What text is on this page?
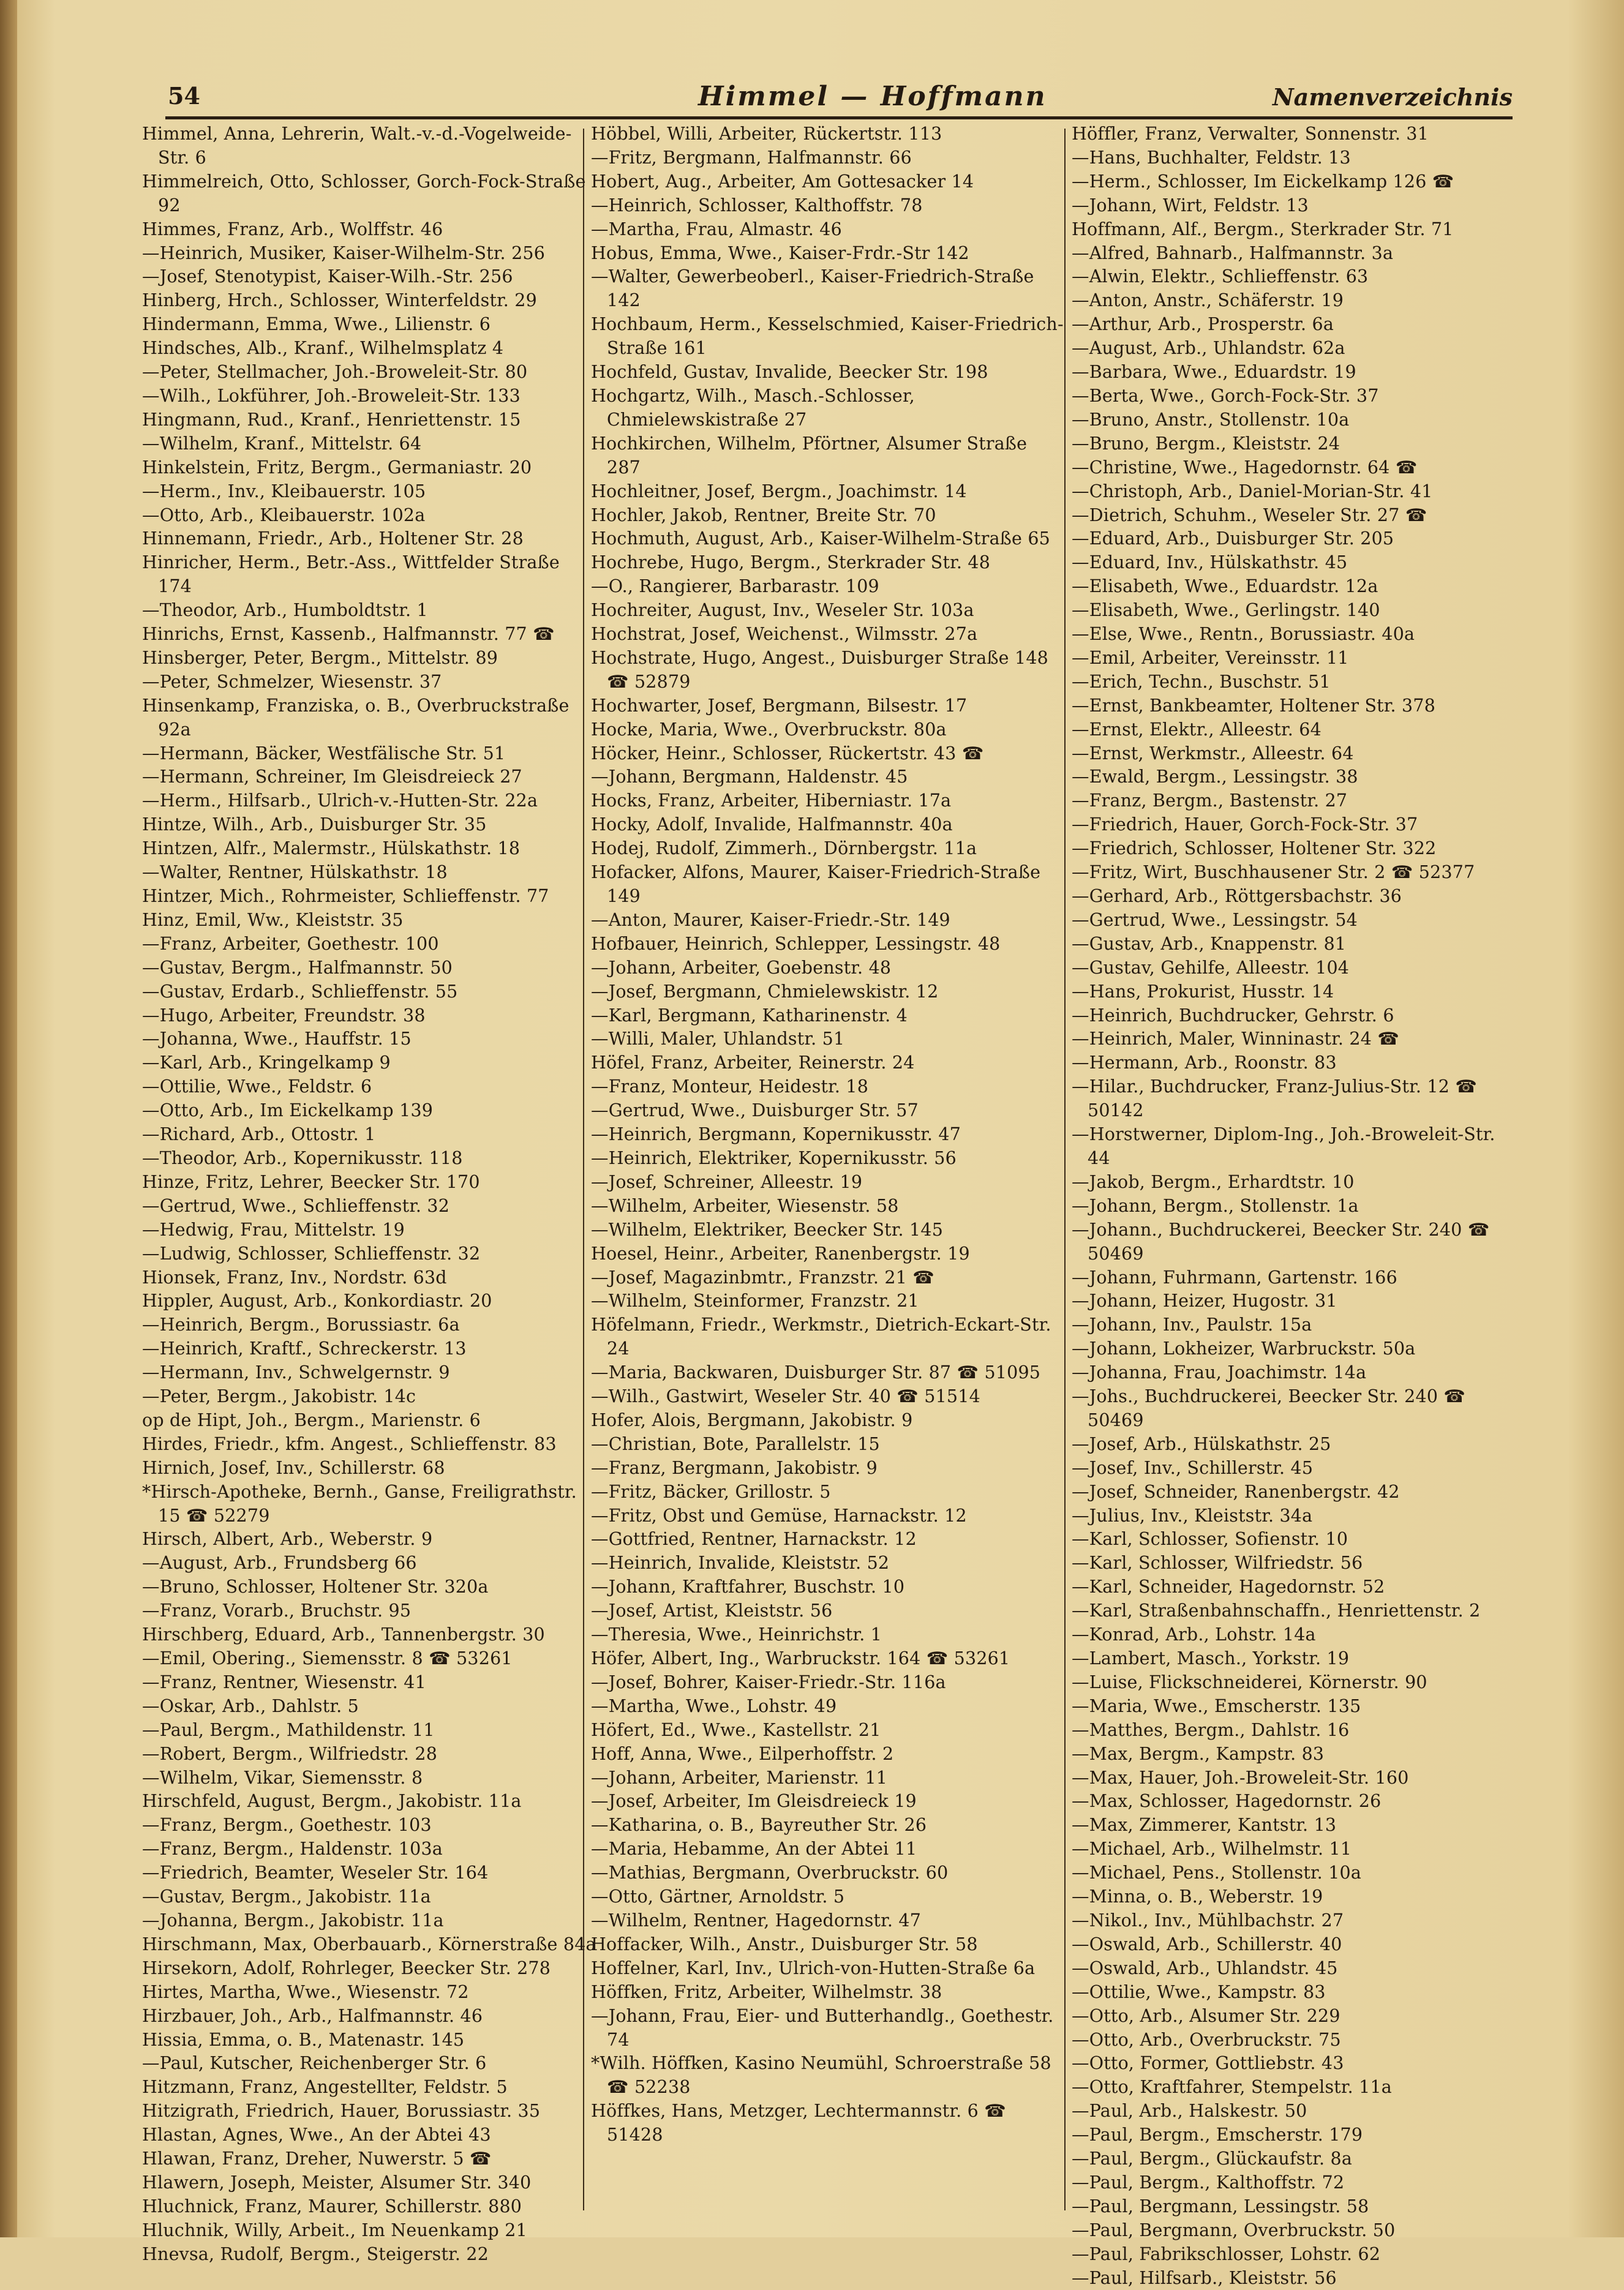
54	Himmel — Hoffmann	Namenverzeichnis

Himmel, Anna, Lehrerin, Walt.-v.-d.-Vogelweide-Str. 6

Himmelreich, Otto, Schlosser, Gorch-Fock-Straße 92

Himmes, Franz, Arb., Wolffstr. 46

—Heinrich, Musiker, Kaiser-Wilhelm-Str. 256

—Josef, Stenotypist, Kaiser-Wilh.-Str. 256

Hinberg, Hrch., Schlosser, Winterfeldstr. 29

Hindermann, Emma, Wwe., Lilienstr. 6

Hindsches, Alb., Kranf., Wilhelmsplatz 4

—Peter, Stellmacher, Joh.-Broweleit-Str. 80

—Wilh., Lokführer, Joh.-Broweleit-Str. 133

Hingmann, Rud., Kranf., Henriettenstr. 15

—Wilhelm, Kranf., Mittelstr. 64

Hinkelstein, Fritz, Bergm., Germaniastr. 20

—Herm., Inv., Kleibauerstr. 105

—Otto, Arb., Kleibauerstr. 102a

Hinnemann, Friedr., Arb., Holtener Str. 28

Hinricher, Herm., Betr.-Ass., Wittfelder Straße 174

—Theodor, Arb., Humboldtstr. 1

Hinrichs, Ernst, Kassenb., Halfmannstr. 77 ☎

Hinsberger, Peter, Bergm., Mittelstr. 89

—Peter, Schmelzer, Wiesenstr. 37

Hinsenkamp, Franziska, o. B., Overbruckstraße 92a

—Hermann, Bäcker, Westfälische Str. 51

—Hermann, Schreiner, Im Gleisdreieck 27

—Herm., Hilfsarb., Ulrich-v.-Hutten-Str. 22a

Hintze, Wilh., Arb., Duisburger Str. 35

Hintzen, Alfr., Malermstr., Hülskathstr. 18

—Walter, Rentner, Hülskathstr. 18

Hintzer, Mich., Rohrmeister, Schlieffenstr. 77

Hinz, Emil, Ww., Kleiststr. 35

—Franz, Arbeiter, Goethestr. 100

—Gustav, Bergm., Halfmannstr. 50

—Gustav, Erdarb., Schlieffenstr. 55

—Hugo, Arbeiter, Freundstr. 38

—Johanna, Wwe., Hauffstr. 15

—Karl, Arb., Kringelkamp 9

—Ottilie, Wwe., Feldstr. 6

—Otto, Arb., Im Eickelkamp 139

—Richard, Arb., Ottostr. 1

—Theodor, Arb., Kopernikusstr. 118

Hinze, Fritz, Lehrer, Beecker Str. 170

—Gertrud, Wwe., Schlieffenstr. 32

—Hedwig, Frau, Mittelstr. 19

—Ludwig, Schlosser, Schlieffenstr. 32

Hionsek, Franz, Inv., Nordstr. 63d

Hippler, August, Arb., Konkordiastr. 20

—Heinrich, Bergm., Borussiastr. 6a

—Heinrich, Kraftf., Schreckerstr. 13

—Hermann, Inv., Schwelgernstr. 9

—Peter, Bergm., Jakobistr. 14c

op de Hipt, Joh., Bergm., Marienstr. 6

Hirdes, Friedr., kfm. Angest., Schlieffenstr. 83

Hirnich, Josef, Inv., Schillerstr. 68

*Hirsch-Apotheke, Bernh., Ganse, Freiligrathstr. 15 ☎ 52279

Hirsch, Albert, Arb., Weberstr. 9

—August, Arb., Frundsberg 66

—Bruno, Schlosser, Holtener Str. 320a

—Franz, Vorarb., Bruchstr. 95

Hirschberg, Eduard, Arb., Tannenbergstr. 30

—Emil, Obering., Siemensstr. 8 ☎ 53261

—Franz, Rentner, Wiesenstr. 41

—Oskar, Arb., Dahlstr. 5

—Paul, Bergm., Mathildenstr. 11

—Robert, Bergm., Wilfriedstr. 28

—Wilhelm, Vikar, Siemensstr. 8

Hirschfeld, August, Bergm., Jakobistr. 11a

—Franz, Bergm., Goethestr. 103

—Franz, Bergm., Haldenstr. 103a

—Friedrich, Beamter, Weseler Str. 164

—Gustav, Bergm., Jakobistr. 11a

—Johanna, Bergm., Jakobistr. 11a

Hirschmann, Max, Oberbauarb., Körnerstraße 84a

Hirsekorn, Adolf, Rohrleger, Beecker Str. 278

Hirtes, Martha, Wwe., Wiesenstr. 72

Hirzbauer, Joh., Arb., Halfmannstr. 46

Hissia, Emma, o. B., Matenastr. 145

—Paul, Kutscher, Reichenberger Str. 6

Hitzmann, Franz, Angestellter, Feldstr. 5

Hitzigrath, Friedrich, Hauer, Borussiastr. 35

Hlastan, Agnes, Wwe., An der Abtei 43

Hlawan, Franz, Dreher, Nuwerstr. 5 ☎

Hlawern, Joseph, Meister, Alsumer Str. 340

Hluchnick, Franz, Maurer, Schillerstr. 880

Hluchnik, Willy, Arbeit., Im Neuenkamp 21

Hnevsa, Rudolf, Bergm., Steigerstr. 22

Höbbel, Willi, Arbeiter, Rückertstr. 113

—Fritz, Bergmann, Halfmannstr. 66

Hobert, Aug., Arbeiter, Am Gottesacker 14

—Heinrich, Schlosser, Kalthoffstr. 78

—Martha, Frau, Almastr. 46

Hobus, Emma, Wwe., Kaiser-Frdr.-Str 142

—Walter, Gewerbeoberl., Kaiser-Friedrich-Straße 142

Hochbaum, Herm., Kesselschmied, Kaiser-Friedrich-Straße 161

Hochfeld, Gustav, Invalide, Beecker Str. 198

Hochgartz, Wilh., Masch.-Schlosser, Chmielewskistraße 27

Hochkirchen, Wilhelm, Pförtner, Alsumer Straße 287

Hochleitner, Josef, Bergm., Joachimstr. 14

Hochler, Jakob, Rentner, Breite Str. 70

Hochmuth, August, Arb., Kaiser-Wilhelm-Straße 65

Hochrebe, Hugo, Bergm., Sterkrader Str. 48

—O., Rangierer, Barbarastr. 109

Hochreiter, August, Inv., Weseler Str. 103a

Hochstrat, Josef, Weichenst., Wilmsstr. 27a

Hochstrate, Hugo, Angest., Duisburger Straße 148 ☎ 52879

Hochwarter, Josef, Bergmann, Bilsestr. 17

Hocke, Maria, Wwe., Overbruckstr. 80a

Höcker, Heinr., Schlosser, Rückertstr. 43 ☎

—Johann, Bergmann, Haldenstr. 45

Hocks, Franz, Arbeiter, Hiberniastr. 17a

Hocky, Adolf, Invalide, Halfmannstr. 40a

Hodej, Rudolf, Zimmerh., Dörnbergstr. 11a

Hofacker, Alfons, Maurer, Kaiser-Friedrich-Straße 149

—Anton, Maurer, Kaiser-Friedr.-Str. 149

Hofbauer, Heinrich, Schlepper, Lessingstr. 48

—Johann, Arbeiter, Goebenstr. 48

—Josef, Bergmann, Chmielewskistr. 12

—Karl, Bergmann, Katharinenstr. 4

—Willi, Maler, Uhlandstr. 51

Höfel, Franz, Arbeiter, Reinerstr. 24

—Franz, Monteur, Heidestr. 18

—Gertrud, Wwe., Duisburger Str. 57

—Heinrich, Bergmann, Kopernikusstr. 47

—Heinrich, Elektriker, Kopernikusstr. 56

—Josef, Schreiner, Alleestr. 19

—Wilhelm, Arbeiter, Wiesenstr. 58

—Wilhelm, Elektriker, Beecker Str. 145

Hoesel, Heinr., Arbeiter, Ranenbergstr. 19

—Josef, Magazinbmtr., Franzstr. 21 ☎

—Wilhelm, Steinformer, Franzstr. 21

Höfelmann, Friedr., Werkmstr., Dietrich-Eckart-Str. 24

—Maria, Backwaren, Duisburger Str. 87 ☎ 51095

—Wilh., Gastwirt, Weseler Str. 40 ☎ 51514

Hofer, Alois, Bergmann, Jakobistr. 9

—Christian, Bote, Parallelstr. 15

—Franz, Bergmann, Jakobistr. 9

—Fritz, Bäcker, Grillostr. 5

—Fritz, Obst und Gemüse, Harnackstr. 12

—Gottfried, Rentner, Harnackstr. 12

—Heinrich, Invalide, Kleiststr. 52

—Johann, Kraftfahrer, Buschstr. 10

—Josef, Artist, Kleiststr. 56

—Theresia, Wwe., Heinrichstr. 1

Höfer, Albert, Ing., Warbruckstr. 164 ☎ 53261

—Josef, Bohrer, Kaiser-Friedr.-Str. 116a

—Martha, Wwe., Lohstr. 49

Höfert, Ed., Wwe., Kastellstr. 21

Hoff, Anna, Wwe., Eilperhoffstr. 2

—Johann, Arbeiter, Marienstr. 11

—Josef, Arbeiter, Im Gleisdreieck 19

—Katharina, o. B., Bayreuther Str. 26

—Maria, Hebamme, An der Abtei 11

—Mathias, Bergmann, Overbruckstr. 60

—Otto, Gärtner, Arnoldstr. 5

—Wilhelm, Rentner, Hagedornstr. 47

Hoffacker, Wilh., Anstr., Duisburger Str. 58

Hoffelner, Karl, Inv., Ulrich-von-Hutten-Straße 6a

Höffken, Fritz, Arbeiter, Wilhelmstr. 38

—Johann, Frau, Eier- und Butterhandlg., Goethestr. 74

*Wilh. Höffken, Kasino Neumühl, Schroerstraße 58 ☎ 52238

Höffkes, Hans, Metzger, Lechtermannstr. 6 ☎ 51428

Höffler, Franz, Verwalter, Sonnenstr. 31

—Hans, Buchhalter, Feldstr. 13

—Herm., Schlosser, Im Eickelkamp 126 ☎

—Johann, Wirt, Feldstr. 13

Hoffmann, Alf., Bergm., Sterkrader Str. 71

—Alfred, Bahnarb., Halfmannstr. 3a

—Alwin, Elektr., Schlieffenstr. 63

—Anton, Anstr., Schäferstr. 19

—Arthur, Arb., Prosperstr. 6a

—August, Arb., Uhlandstr. 62a

—Barbara, Wwe., Eduardstr. 19

—Berta, Wwe., Gorch-Fock-Str. 37

—Bruno, Anstr., Stollenstr. 10a

—Bruno, Bergm., Kleiststr. 24

—Christine, Wwe., Hagedornstr. 64 ☎

—Christoph, Arb., Daniel-Morian-Str. 41

—Dietrich, Schuhm., Weseler Str. 27 ☎

—Eduard, Arb., Duisburger Str. 205

—Eduard, Inv., Hülskathstr. 45

—Elisabeth, Wwe., Eduardstr. 12a

—Elisabeth, Wwe., Gerlingstr. 140

—Else, Wwe., Rentn., Borussiastr. 40a

—Emil, Arbeiter, Vereinsstr. 11

—Erich, Techn., Buschstr. 51

—Ernst, Bankbeamter, Holtener Str. 378

—Ernst, Elektr., Alleestr. 64

—Ernst, Werkmstr., Alleestr. 64

—Ewald, Bergm., Lessingstr. 38

—Franz, Bergm., Bastenstr. 27

—Friedrich, Hauer, Gorch-Fock-Str. 37

—Friedrich, Schlosser, Holtener Str. 322

—Fritz, Wirt, Buschhausener Str. 2 ☎ 52377

—Gerhard, Arb., Röttgersbachstr. 36

—Gertrud, Wwe., Lessingstr. 54

—Gustav, Arb., Knappenstr. 81

—Gustav, Gehilfe, Alleestr. 104

—Hans, Prokurist, Husstr. 14

—Heinrich, Buchdrucker, Gehrstr. 6

—Heinrich, Maler, Winninastr. 24 ☎

—Hermann, Arb., Roonstr. 83

—Hilar., Buchdrucker, Franz-Julius-Str. 12 ☎ 50142

—Horstwerner, Diplom-Ing., Joh.-Broweleit-Str. 44

—Jakob, Bergm., Erhardtstr. 10

—Johann, Bergm., Stollenstr. 1a

—Johann., Buchdruckerei, Beecker Str. 240 ☎ 50469

—Johann, Fuhrmann, Gartenstr. 166

—Johann, Heizer, Hugostr. 31

—Johann, Inv., Paulstr. 15a

—Johann, Lokheizer, Warbruckstr. 50a

—Johanna, Frau, Joachimstr. 14a

—Johs., Buchdruckerei, Beecker Str. 240 ☎ 50469

—Josef, Arb., Hülskathstr. 25

—Josef, Inv., Schillerstr. 45

—Josef, Schneider, Ranenbergstr. 42

—Julius, Inv., Kleiststr. 34a

—Karl, Schlosser, Sofienstr. 10

—Karl, Schlosser, Wilfriedstr. 56

—Karl, Schneider, Hagedornstr. 52

—Karl, Straßenbahnschaffn., Henriettenstr. 2

—Konrad, Arb., Lohstr. 14a

—Lambert, Masch., Yorkstr. 19

—Luise, Flickschneiderei, Körnerstr. 90

—Maria, Wwe., Emscherstr. 135

—Matthes, Bergm., Dahlstr. 16

—Max, Bergm., Kampstr. 83

—Max, Hauer, Joh.-Broweleit-Str. 160

—Max, Schlosser, Hagedornstr. 26

—Max, Zimmerer, Kantstr. 13

—Michael, Arb., Wilhelmstr. 11

—Michael, Pens., Stollenstr. 10a

—Minna, o. B., Weberstr. 19

—Nikol., Inv., Mühlbachstr. 27

—Oswald, Arb., Schillerstr. 40

—Oswald, Arb., Uhlandstr. 45

—Ottilie, Wwe., Kampstr. 83

—Otto, Arb., Alsumer Str. 229

—Otto, Arb., Overbruckstr. 75

—Otto, Former, Gottliebstr. 43

—Otto, Kraftfahrer, Stempelstr. 11a

—Paul, Arb., Halskestr. 50

—Paul, Bergm., Emscherstr. 179

—Paul, Bergm., Glückaufstr. 8a

—Paul, Bergm., Kalthoffstr. 72

—Paul, Bergmann, Lessingstr. 58

—Paul, Bergmann, Overbruckstr. 50

—Paul, Fabrikschlosser, Lohstr. 62

—Paul, Hilfsarb., Kleiststr. 56
